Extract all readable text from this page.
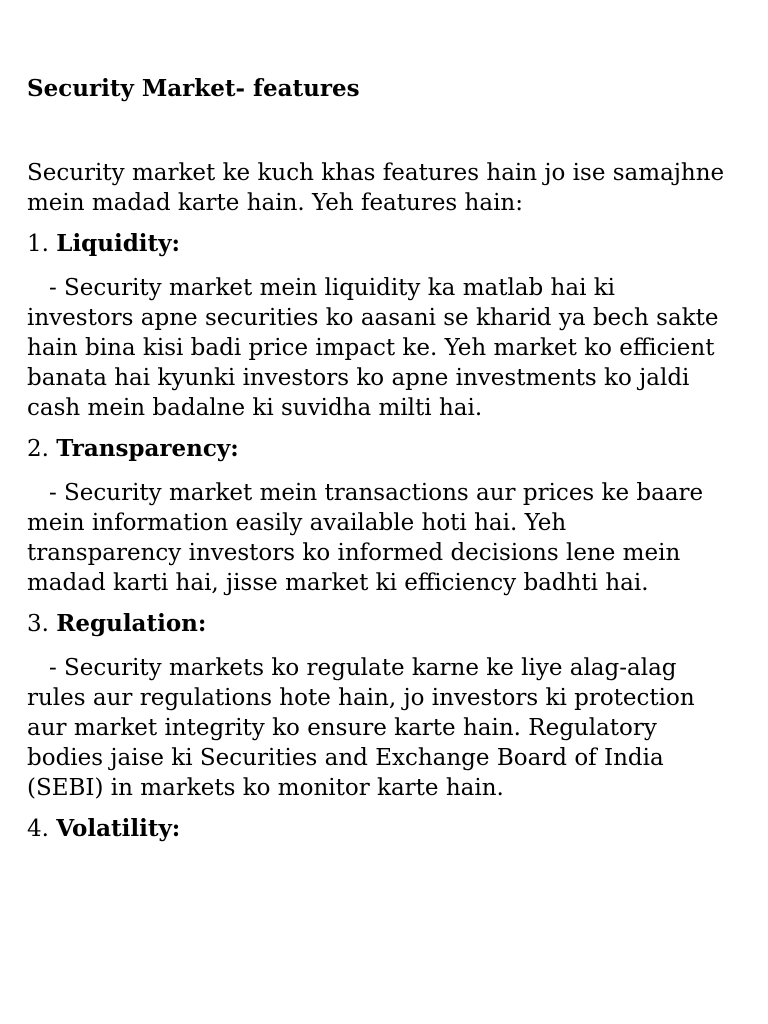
Security Market- features
Security market ke kuch khas features hain jo ise samajhne mein madad karte hain. Yeh features hain:
1. Liquidity:
- Security market mein liquidity ka matlab hai ki investors apne securities ko aasani se kharid ya bech sakte hain bina kisi badi price impact ke. Yeh market ko efficient banata hai kyunki investors ko apne investments ko jaldi cash mein badalne ki suvidha milti hai.
2. Transparency:
- Security market mein transactions aur prices ke baare mein information easily available hoti hai. Yeh transparency investors ko informed decisions lene mein madad karti hai, jisse market ki efficiency badhti hai.
3. Regulation:
- Security markets ko regulate karne ke liye alag-alag rules aur regulations hote hain, jo investors ki protection aur market integrity ko ensure karte hain. Regulatory bodies jaise ki Securities and Exchange Board of India (SEBI) in markets ko monitor karte hain.
4. Volatility:
